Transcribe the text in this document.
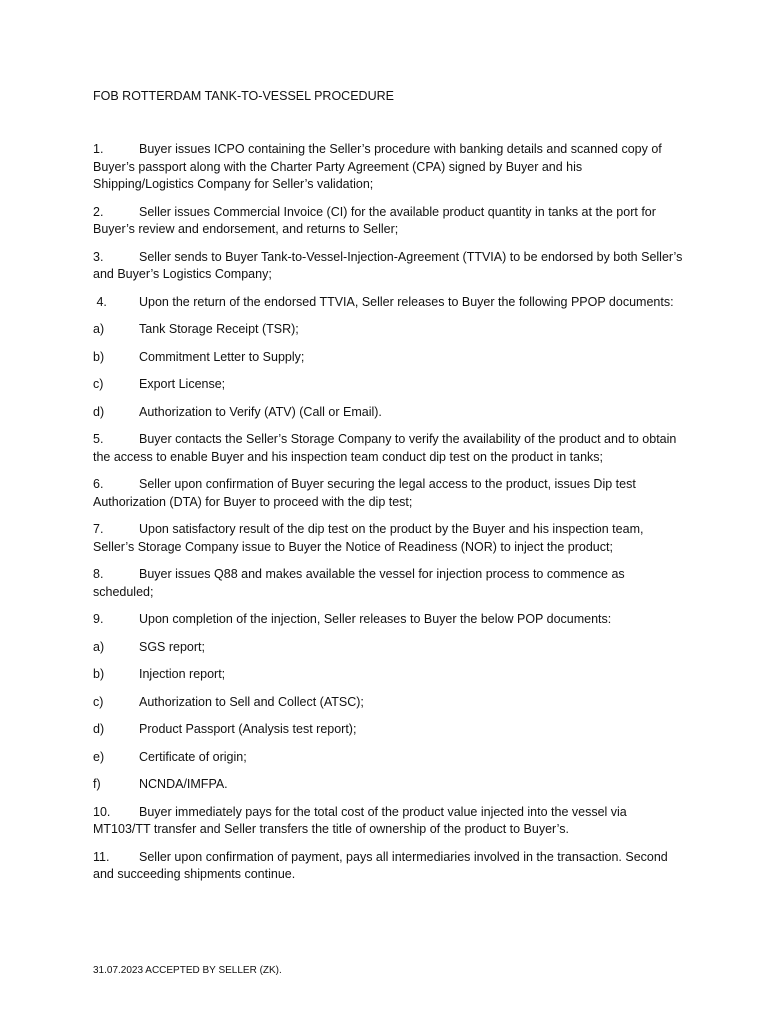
FOB ROTTERDAM TANK-TO-VESSEL PROCEDURE

1.	Buyer issues ICPO containing the Seller’s procedure with banking details and scanned copy of Buyer’s passport along with the Charter Party Agreement (CPA) signed by Buyer and his Shipping/Logistics Company for Seller’s validation;

2.	Seller issues Commercial Invoice (CI) for the available product quantity in tanks at the port for Buyer’s review and endorsement, and returns to Seller;

3.	Seller sends to Buyer Tank-to-Vessel-Injection-Agreement (TTVIA) to be endorsed by both Seller’s and Buyer’s Logistics Company;

4.	Upon the return of the endorsed TTVIA, Seller releases to Buyer the following PPOP documents:

a)	Tank Storage Receipt (TSR);

b)	Commitment Letter to Supply;

c)	Export License;

d)	Authorization to Verify (ATV) (Call or Email).

5.	Buyer contacts the Seller’s Storage Company to verify the availability of the product and to obtain the access to enable Buyer and his inspection team conduct dip test on the product in tanks;

6.	Seller upon confirmation of Buyer securing the legal access to the product, issues Dip test Authorization (DTA) for Buyer to proceed with the dip test;

7.	Upon satisfactory result of the dip test on the product by the Buyer and his inspection team, Seller’s Storage Company issue to Buyer the Notice of Readiness (NOR) to inject the product;

8.	Buyer issues Q88 and makes available the vessel for injection process to commence as scheduled;

9.	Upon completion of the injection, Seller releases to Buyer the below POP documents:

a)	SGS report;

b)	Injection report;

c)	Authorization to Sell and Collect (ATSC);

d)	Product Passport (Analysis test report);

e)	Certificate of origin;

f)	NCNDA/IMFPA.

10. Buyer immediately pays for the total cost of the product value injected into the vessel via MT103/TT transfer and Seller transfers the title of ownership of the product to Buyer’s.

11. Seller upon confirmation of payment, pays all intermediaries involved in the transaction. Second and succeeding shipments continue.

31.07.2023 ACCEPTED BY SELLER (ZK).
